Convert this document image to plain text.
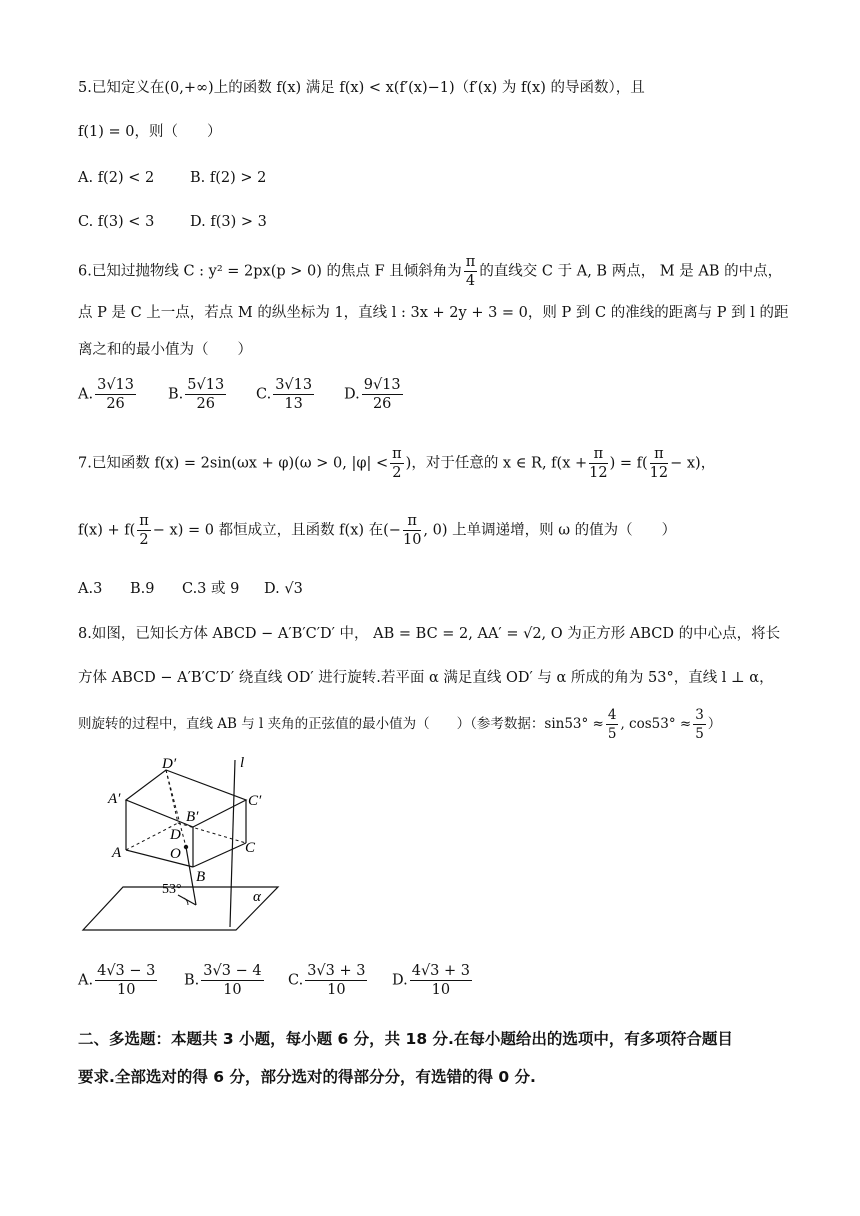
5.已知定义在(0,+∞)上的函数 f(x) 满足 f(x) < x(f′(x)−1)（f′(x) 为 f(x) 的导函数），且
f(1) = 0，则（　　）
A. f(2) < 2 B. f(2) > 2
C. f(3) < 3 D. f(3) > 3
6.已知过抛物线 C : y² = 2px(p > 0) 的焦点 F 且倾斜角为 $\frac{\pi}{4}$ 的直线交 C 于 A, B 两点， M 是 AB 的中点，
点 P 是 C 上一点，若点 M 的纵坐标为 1，直线 l : 3x + 2y + 3 = 0，则 P 到 C 的准线的距离与 P 到 l 的距
离之和的最小值为（　　）
A. $\frac{3√13}{26} B$. $\frac{5√13}{26} C$. $\frac{3√13}{13} D$. $\frac{9√13}{26}$
7.已知函数 f(x) = 2sin(ωx + φ)(ω > 0, $|\varphi| < \frac{\pi}{2}$ )，对于任意的 x ∈ R, $f(x + \frac{\pi}{12}$ ) = $f( \frac{\pi}{12} - x)$，
$f(x) + f( \frac{\pi}{2} - x) = 0$ 都恒成立，且函数 f(x) 在(− $\frac{\pi}{10}$ , 0) 上单调递增，则 ω 的值为（　　）
A.3 B.9 C.3 或 9 D. √3
8.如图，已知长方体 ABCD − A′B′C′D′ 中， AB = BC = 2, AA′ = √2, O 为正方形 ABCD 的中心点，将长
方体 ABCD − A′B′C′D′ 绕直线 OD′ 进行旋转.若平面 α 满足直线 OD′ 与 α 所成的角为 53°，直线 l ⊥ α，
则旋转的过程中，直线 AB 与 l 夹角的正弦值的最小值为（　　）（参考数据：$\sin 53^\circ \approx \frac{4}{5}$ , $\cos 53^\circ \approx \frac{3}{5}$ ）
D′
A′
B′
C′
D
O
A
B
C
l
α
53°
A. $\frac{4√3 - 3}{10} B$. $\frac{3√3 - 4}{10} C$. $\frac{3√3 + 3}{10} D$. $\frac{4√3 + 3}{10}$
二、多选题：本题共 3 小题，每小题 6 分，共 18 分.在每小题给出的选项中，有多项符合题目
要求.全部选对的得 6 分，部分选对的得部分分，有选错的得 0 分.
